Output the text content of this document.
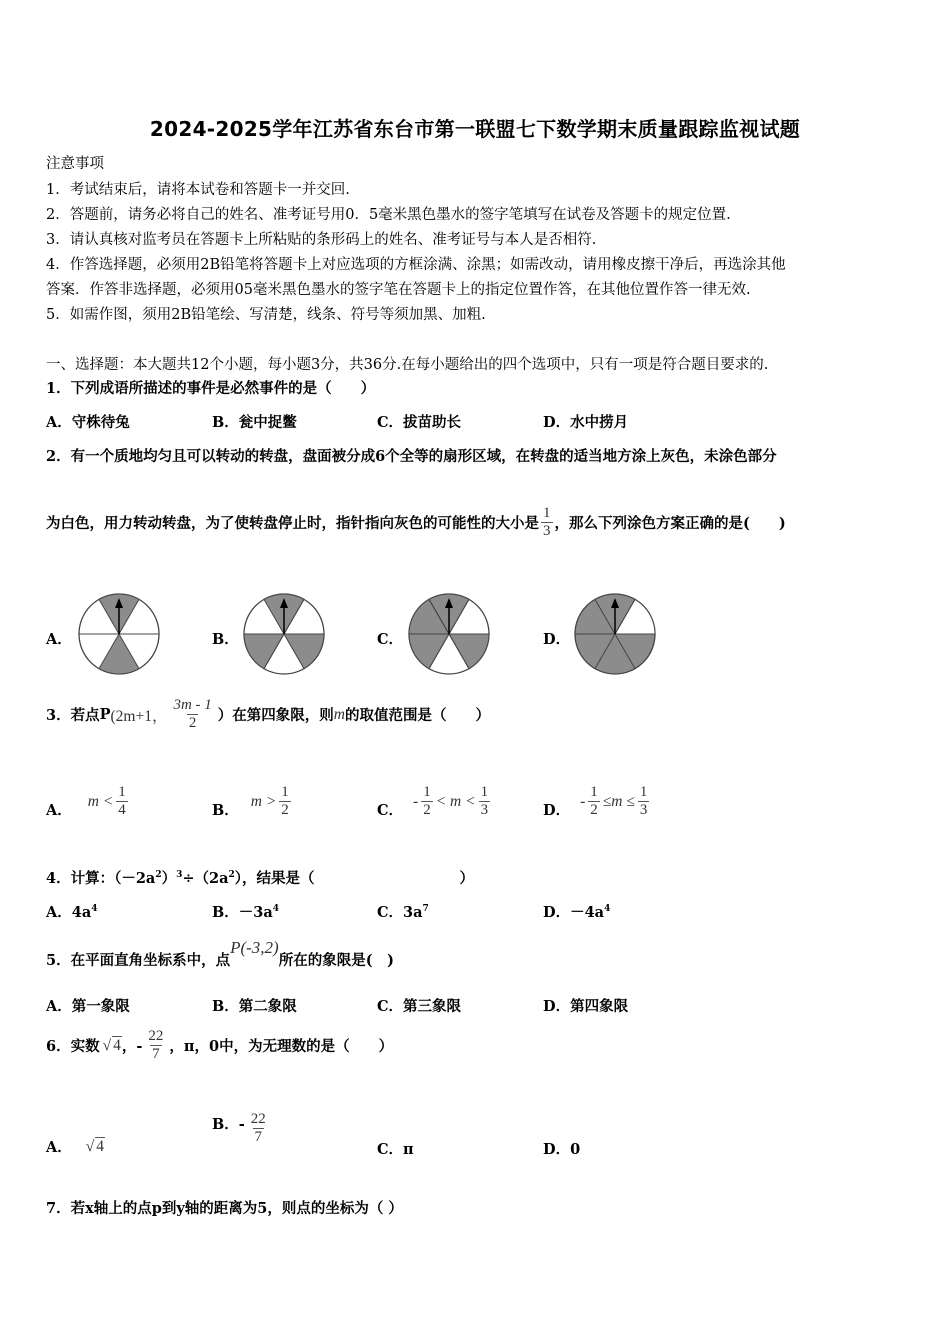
2024-2025学年江苏省东台市第一联盟七下数学期末质量跟踪监视试题
注意事项
1．考试结束后，请将本试卷和答题卡一并交回.
2．答题前，请务必将自己的姓名、准考证号用0．5毫米黑色墨水的签字笔填写在试卷及答题卡的规定位置.
3．请认真核对监考员在答题卡上所粘贴的条形码上的姓名、准考证号与本人是否相符.
4．作答选择题，必须用2B铅笔将答题卡上对应选项的方框涂满、涂黑；如需改动，请用橡皮擦干净后，再选涂其他
答案．作答非选择题，必须用05毫米黑色墨水的签字笔在答题卡上的指定位置作答，在其他位置作答一律无效.
5．如需作图，须用2B铅笔绘、写清楚，线条、符号等须加黑、加粗.
一、选择题：本大题共12个小题，每小题3分，共36分.在每小题给出的四个选项中，只有一项是符合题目要求的.
1．下列成语所描述的事件是必然事件的是（　　）
A．守株待兔	B．瓮中捉鳖	C．拔苗助长	D．水中捞月
2．有一个质地均匀且可以转动的转盘，盘面被分成6个全等的扇形区域，在转盘的适当地方涂上灰色，未涂色部分
为白色，用力转动转盘，为了使转盘停止时，指针指向灰色的可能性的大小是 $\frac{1}{3}$ ，那么下列涂色方案正确的是(　　)
A．	B．	C．	D．
3．若点 P (2m+1， $\frac{3m - 1}{2}$ ）在第四象限，则 m 的取值范围是（　　）
A．
$m < \frac{1}{4}$	B．
$m > \frac{1}{2}$	C．
- $\frac{1}{2} < m < \frac{1}{3}$	D．
- $\frac{1}{2} \le m \le \frac{1}{3}$
4．计算：$(-2a^2)^3\div(2a^2)$，结果是（　　　　　　　　　　）
A．$4a^4$	B．$-3a^4$	C．$3a^7$	D．$-4a^4$
5．在平面直角坐标系中，点
P(-3,2)
所在的象限是(　)
A．第一象限	B．第二象限	C．第三象限	D．第四象限
6．实数 √ 4 ，- $\frac{22}{7}$ ，π，0中，为无理数的是（　　）
A． √ 4
B．- $\frac{22}{7}$
C．π	D．0
7．若x轴上的点p到y轴的距离为5，则点的坐标为（ ）
